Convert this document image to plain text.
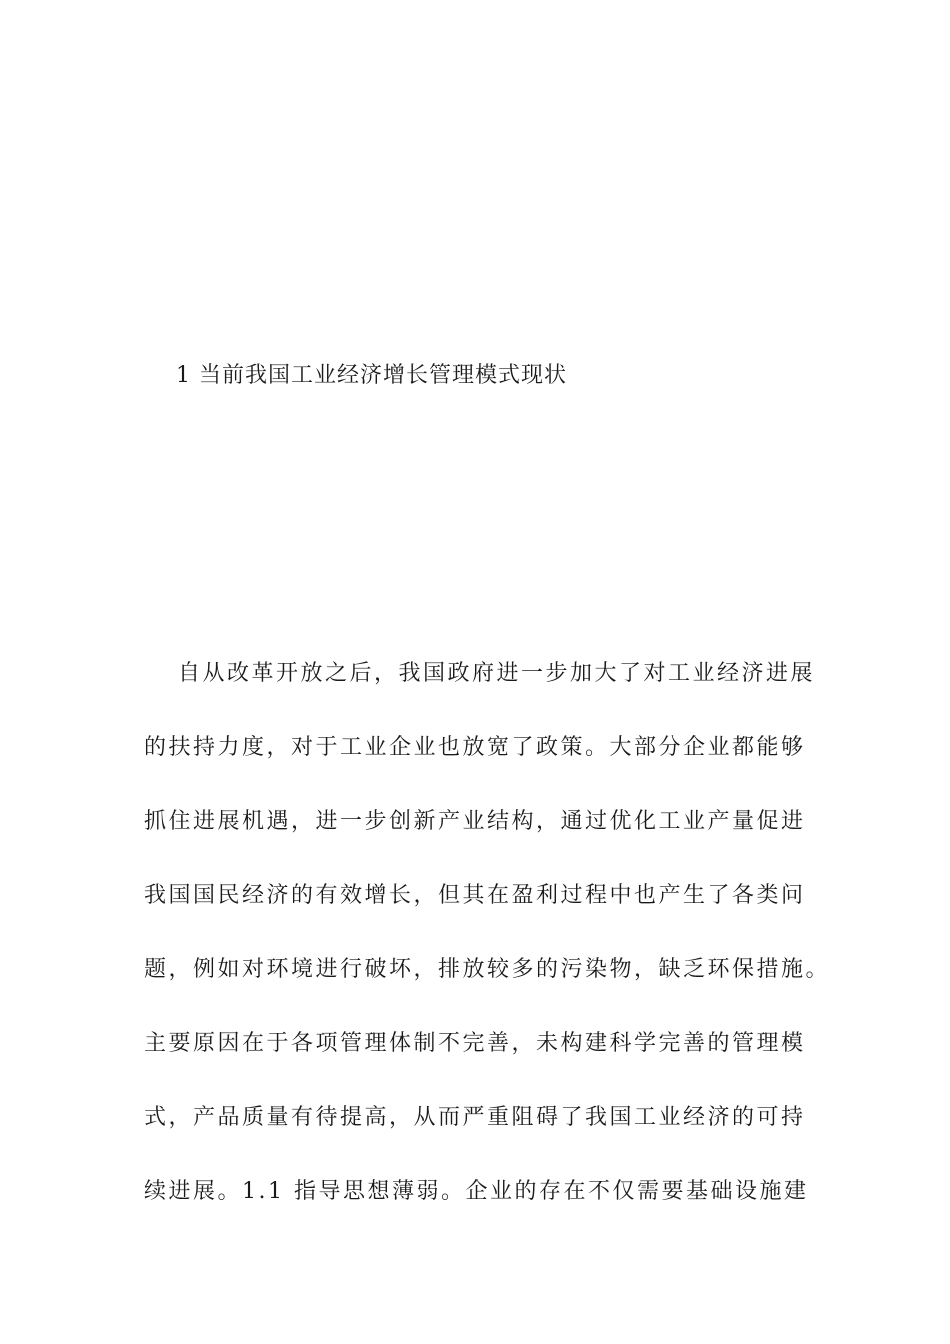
1 当前我国工业经济增长管理模式现状
自从改革开放之后，我国政府进一步加大了对工业经济进展
的扶持力度，对于工业企业也放宽了政策。大部分企业都能够
抓住进展机遇，进一步创新产业结构，通过优化工业产量促进
我国国民经济的有效增长，但其在盈利过程中也产生了各类问
题，例如对环境进行破坏，排放较多的污染物，缺乏环保措施。
主要原因在于各项管理体制不完善，未构建科学完善的管理模
式，产品质量有待提高，从而严重阻碍了我国工业经济的可持
续进展。1.1 指导思想薄弱。企业的存在不仅需要基础设施建
